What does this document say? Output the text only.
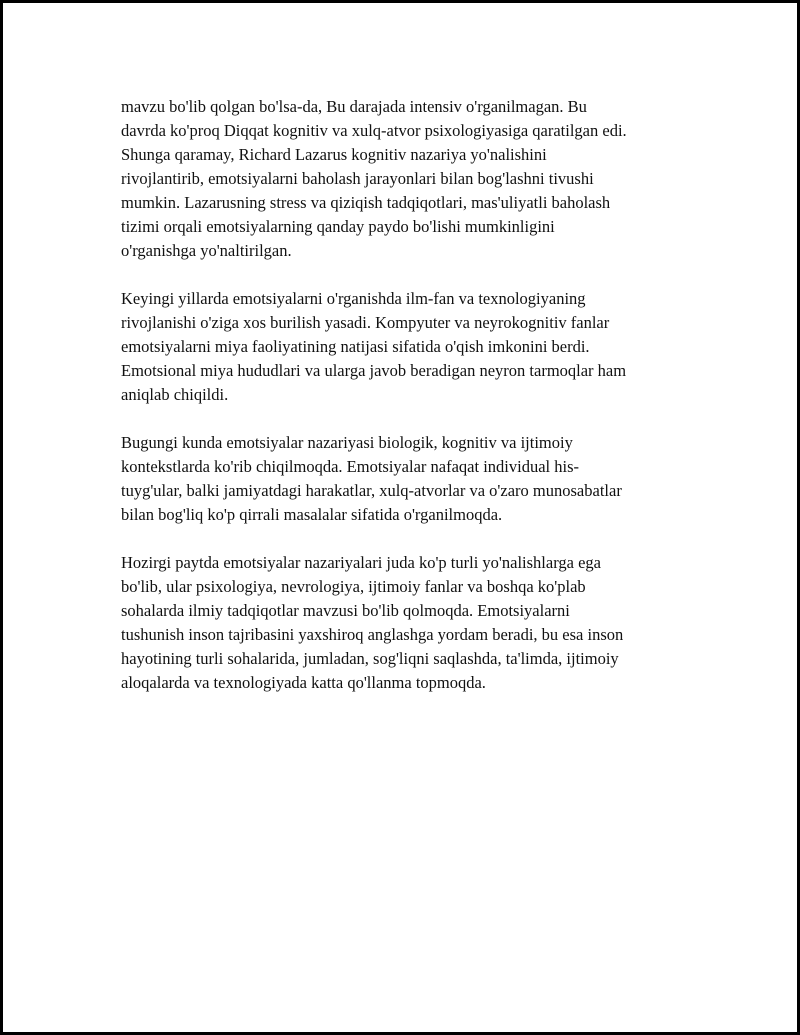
mavzu bo'lib qolgan bo'lsa-da, Bu darajada intensiv o'rganilmagan. Bu
davrda ko'proq Diqqat kognitiv va xulq-atvor psixologiyasiga qaratilgan edi.
Shunga qaramay, Richard Lazarus kognitiv nazariya yo'nalishini
rivojlantirib, emotsiyalarni baholash jarayonlari bilan bog'lashni tivushi
mumkin. Lazarusning stress va qiziqish tadqiqotlari, mas'uliyatli baholash
tizimi orqali emotsiyalarning qanday paydo bo'lishi mumkinligini
o'rganishga yo'naltirilgan.

Keyingi yillarda emotsiyalarni o'rganishda ilm-fan va texnologiyaning
rivojlanishi o'ziga xos burilish yasadi. Kompyuter va neyrokognitiv fanlar
emotsiyalarni miya faoliyatining natijasi sifatida o'qish imkonini berdi.
Emotsional miya hududlari va ularga javob beradigan neyron tarmoqlar ham
aniqlab chiqildi.

Bugungi kunda emotsiyalar nazariyasi biologik, kognitiv va ijtimoiy
kontekstlarda ko'rib chiqilmoqda. Emotsiyalar nafaqat individual his-
tuyg'ular, balki jamiyatdagi harakatlar, xulq-atvorlar va o'zaro munosabatlar
bilan bog'liq ko'p qirrali masalalar sifatida o'rganilmoqda.

Hozirgi paytda emotsiyalar nazariyalari juda ko'p turli yo'nalishlarga ega
bo'lib, ular psixologiya, nevrologiya, ijtimoiy fanlar va boshqa ko'plab
sohalarda ilmiy tadqiqotlar mavzusi bo'lib qolmoqda. Emotsiyalarni
tushunish inson tajribasini yaxshiroq anglashga yordam beradi, bu esa inson
hayotining turli sohalarida, jumladan, sog'liqni saqlashda, ta'limda, ijtimoiy
aloqalarda va texnologiyada katta qo'llanma topmoqda.
